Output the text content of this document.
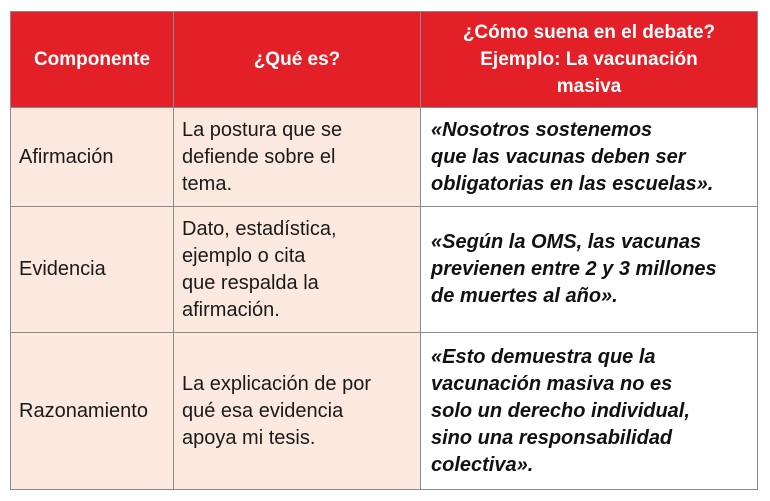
Componente	¿Qué es?	¿Cómo suena en el debate?
Ejemplo: La vacunación
masiva

Afirmación	La postura que se
defiende sobre el
tema.	«Nosotros sostenemos
que las vacunas deben ser
obligatorias en las escuelas».

Evidencia	Dato, estadística,
ejemplo o cita
que respalda la
afirmación.	«Según la OMS, las vacunas
previenen entre 2 y 3 millones
de muertes al año».

Razonamiento	La explicación de por
qué esa evidencia
apoya mi tesis.	«Esto demuestra que la
vacunación masiva no es
solo un derecho individual,
sino una responsabilidad
colectiva».
